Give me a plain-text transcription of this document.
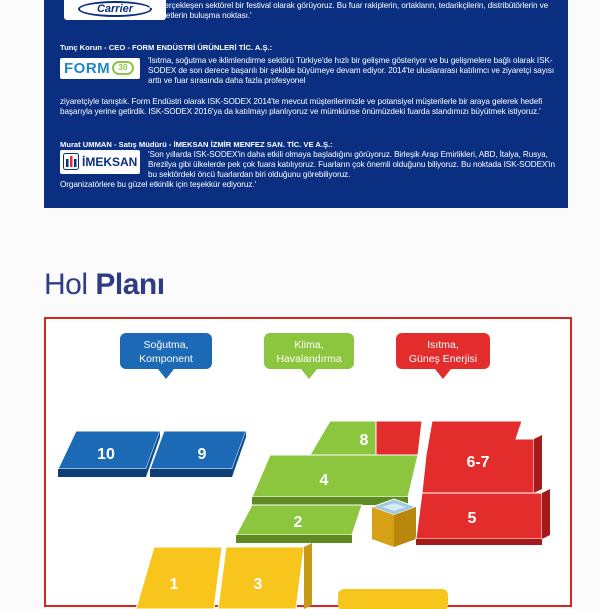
Carrier	bir gerçekleşen sektörel bir festival olarak görüyoruz. Bu fuar rakiplerin, ortakların, tedarikçilerin, distribütörlerin ve hizmetlerin buluşma noktası.'

Tunç Korun - CEO - FORM ENDÜSTRİ ÜRÜNLERİ TİC. A.Ş.:
FORM	30

'Isıtma, soğutma ve iklimlendirme sektörü Türkiye'de hızlı bir gelişme gösteriyor ve bu gelişmelere bağlı olarak ISK-SODEX de son derece başarılı bir şekilde büyümeye devam ediyor. 2014'te uluslararası katılımcı ve ziyaretçi sayısı arttı ve fuar sırasında daha fazla profesyonel

ziyaretçiyle tanıştık. Form Endüstri olarak ISK-SODEX 2014'te mevcut müşterilerimizle ve potansiyel müşterilerle bir araya gelerek hedefi başarıyla yerine getirdik. ISK-SODEX 2016'ya da katılmayı planlıyoruz ve mümkünse önümüzdeki fuarda standımızı büyütmek istiyoruz.'

Murat UMMAN - Satış Müdürü - İMEKSAN İZMİR MENFEZ SAN. TİC. VE A.Ş.:
İMEKSAN

'Son yıllarda ISK-SODEX'in daha etkili olmaya başladığını görüyoruz. Birleşik Arap Emirlikleri, ABD, İtalya, Rusya, Brezilya gibi ülkelerde pek çok fuara katılıyoruz. Fuarların çok önemli olduğunu biliyoruz. Bu noktada ISK-SODEX'in bu sektördeki öncü fuarlardan biri olduğunu görebiliyoruz.

Organizatörlere bu güzel etkinlik için teşekkür ediyoruz.'

Hol Planı
Soğutma,
Komponent
Klima,
Havalandırma
Isıtma,
Güneş Enerjisi
10	9
8
6-7
4
2	5
1	3
